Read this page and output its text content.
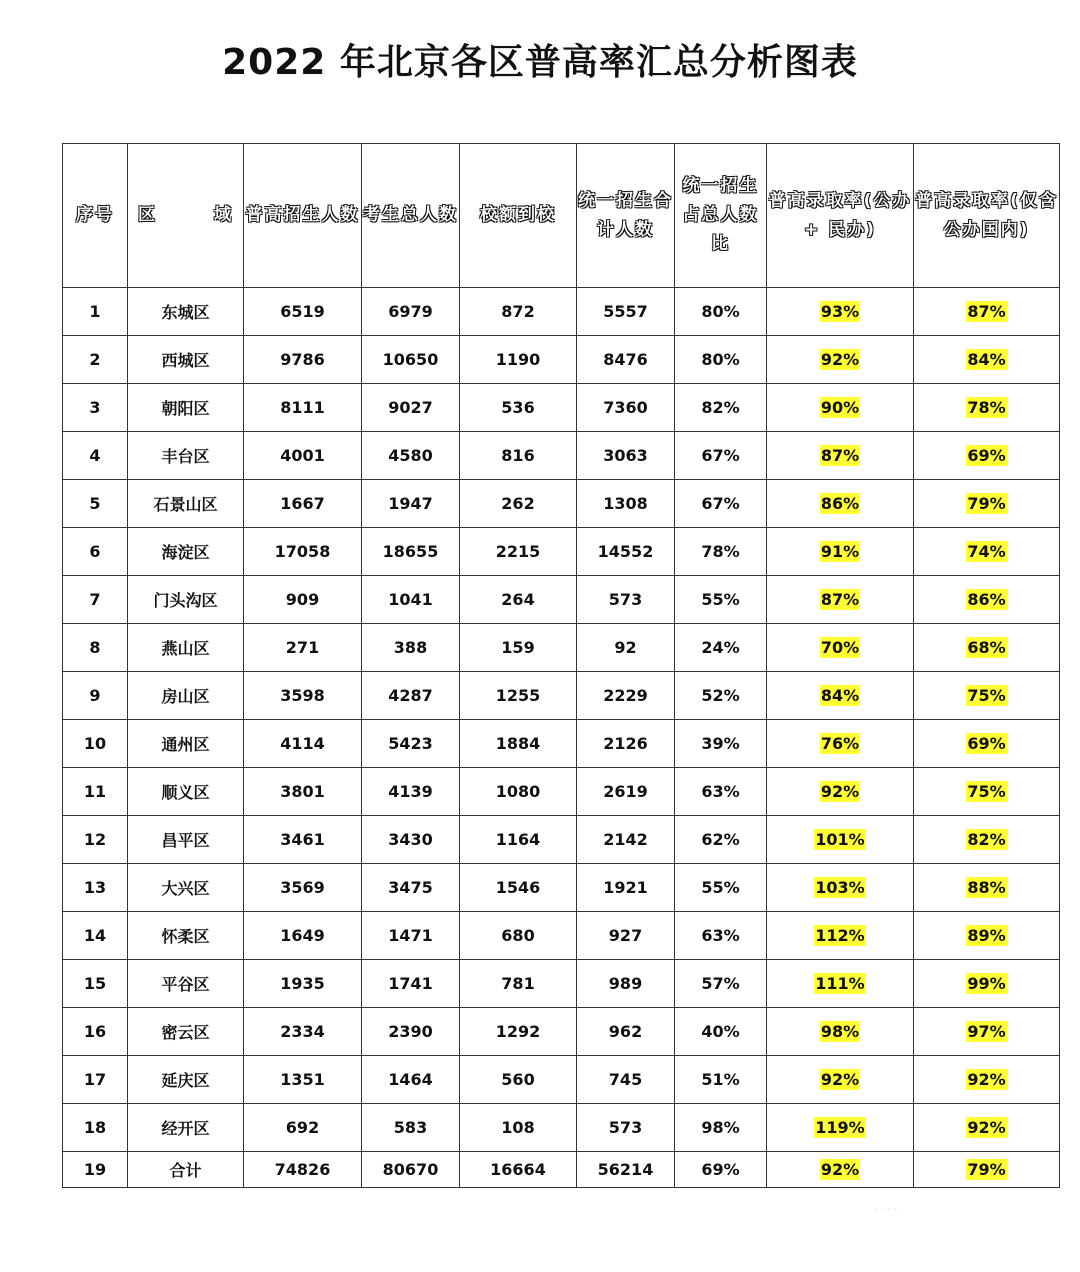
2022 年北京各区普高率汇总分析图表
序号	区 域	普高招生人数	考生总人数	校额到校	统一招生合计人数	统一招生占总人数比	普高录取率(公办 + 民办)	普高录取率(仅含公办国内)
1	东城区	6519	6979	872	5557	80%	93%	87%
2	西城区	9786	10650	1190	8476	80%	92%	84%
3	朝阳区	8111	9027	536	7360	82%	90%	78%
4	丰台区	4001	4580	816	3063	67%	87%	69%
5	石景山区	1667	1947	262	1308	67%	86%	79%
6	海淀区	17058	18655	2215	14552	78%	91%	74%
7	门头沟区	909	1041	264	573	55%	87%	86%
8	燕山区	271	388	159	92	24%	70%	68%
9	房山区	3598	4287	1255	2229	52%	84%	75%
10	通州区	4114	5423	1884	2126	39%	76%	69%
11	顺义区	3801	4139	1080	2619	63%	92%	75%
12	昌平区	3461	3430	1164	2142	62%	101%	82%
13	大兴区	3569	3475	1546	1921	55%	103%	88%
14	怀柔区	1649	1471	680	927	63%	112%	89%
15	平谷区	1935	1741	781	989	57%	111%	99%
16	密云区	2334	2390	1292	962	40%	98%	97%
17	延庆区	1351	1464	560	745	51%	92%	92%
18	经开区	692	583	108	573	98%	119%	92%
19	合计	74826	80670	16664	56214	69%	92%	79%
· · · ·
